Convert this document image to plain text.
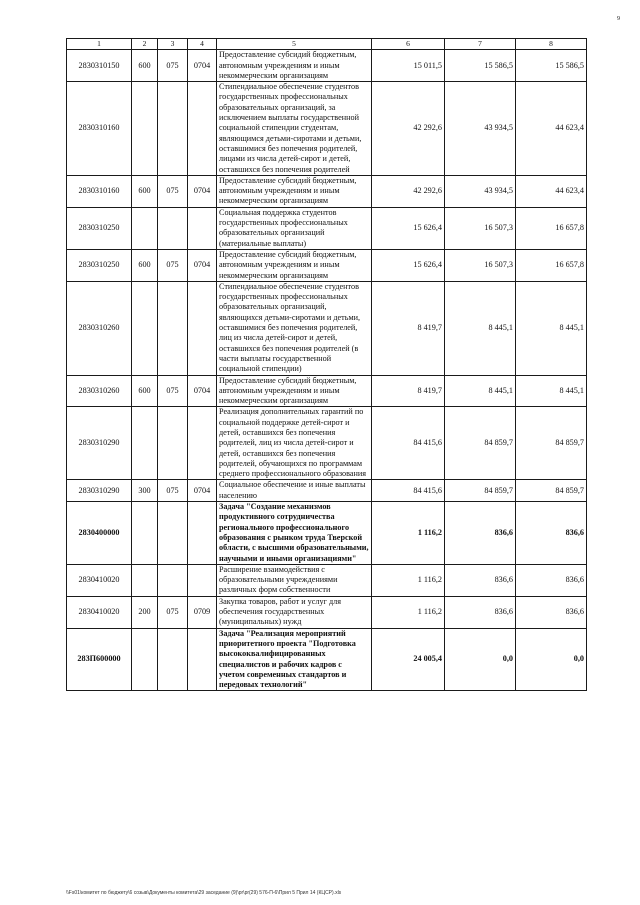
9
1	2	3	4	5	6	7	8
2830310150	600	075	0704	Предоставление субсидий бюджетным, автономным учреждениям и иным некоммерческим организациям	15 011,5	15 586,5	15 586,5
2830310160				Стипендиальное обеспечение студентов государственных профессиональных образовательных организаций, за исключением выплаты государственной социальной стипендии студентам, являющимся детьми-сиротами и детьми, оставшимися без попечения родителей, лицами из числа детей-сирот и детей, оставшихся без попечения родителей	42 292,6	43 934,5	44 623,4
2830310160	600	075	0704	Предоставление субсидий бюджетным, автономным учреждениям и иным некоммерческим организациям	42 292,6	43 934,5	44 623,4
2830310250				Социальная поддержка студентов государственных профессиональных образовательных организаций (материальные выплаты)	15 626,4	16 507,3	16 657,8
2830310250	600	075	0704	Предоставление субсидий бюджетным, автономным учреждениям и иным некоммерческим организациям	15 626,4	16 507,3	16 657,8
2830310260				Стипендиальное обеспечение студентов государственных профессиональных образовательных организаций, являющихся детьми-сиротами и детьми, оставшимися без попечения родителей, лиц из числа детей-сирот и детей, оставшихся без попечения родителей (в части выплаты государственной социальной стипендии)	8 419,7	8 445,1	8 445,1
2830310260	600	075	0704	Предоставление субсидий бюджетным, автономным учреждениям и иным некоммерческим организациям	8 419,7	8 445,1	8 445,1
2830310290				Реализация дополнительных гарантий по социальной поддержке детей-сирот и детей, оставшихся без попечения родителей, лиц из числа детей-сирот и детей, оставшихся без попечения родителей, обучающихся по программам среднего профессионального образования	84 415,6	84 859,7	84 859,7
2830310290	300	075	0704	Социальное обеспечение и иные выплаты населению	84 415,6	84 859,7	84 859,7
2830400000				Задача "Создание механизмов продуктивного сотрудничества регионального профессионального образования с рынком труда Тверской области, с высшими образовательными, научными и иными организациями"	1 116,2	836,6	836,6
2830410020				Расширение взаимодействия с образовательными учреждениями различных форм собственности	1 116,2	836,6	836,6
2830410020	200	075	0709	Закупка товаров, работ и услуг для обеспечения государственных (муниципальных) нужд	1 116,2	836,6	836,6
283П600000				Задача "Реализация мероприятий приоритетного проекта "Подготовка высококвалифицированных специалистов и рабочих кадров с учетом современных стандартов и передовых технологий"	24 005,4	0,0	0,0
\\Fs01\комитет по бюджету\6 созыв\Документы комитета\29 заседание (9)\pr\pr(29) 576-П-6\Прил 5 Прил 14 (КЦСР).xls
